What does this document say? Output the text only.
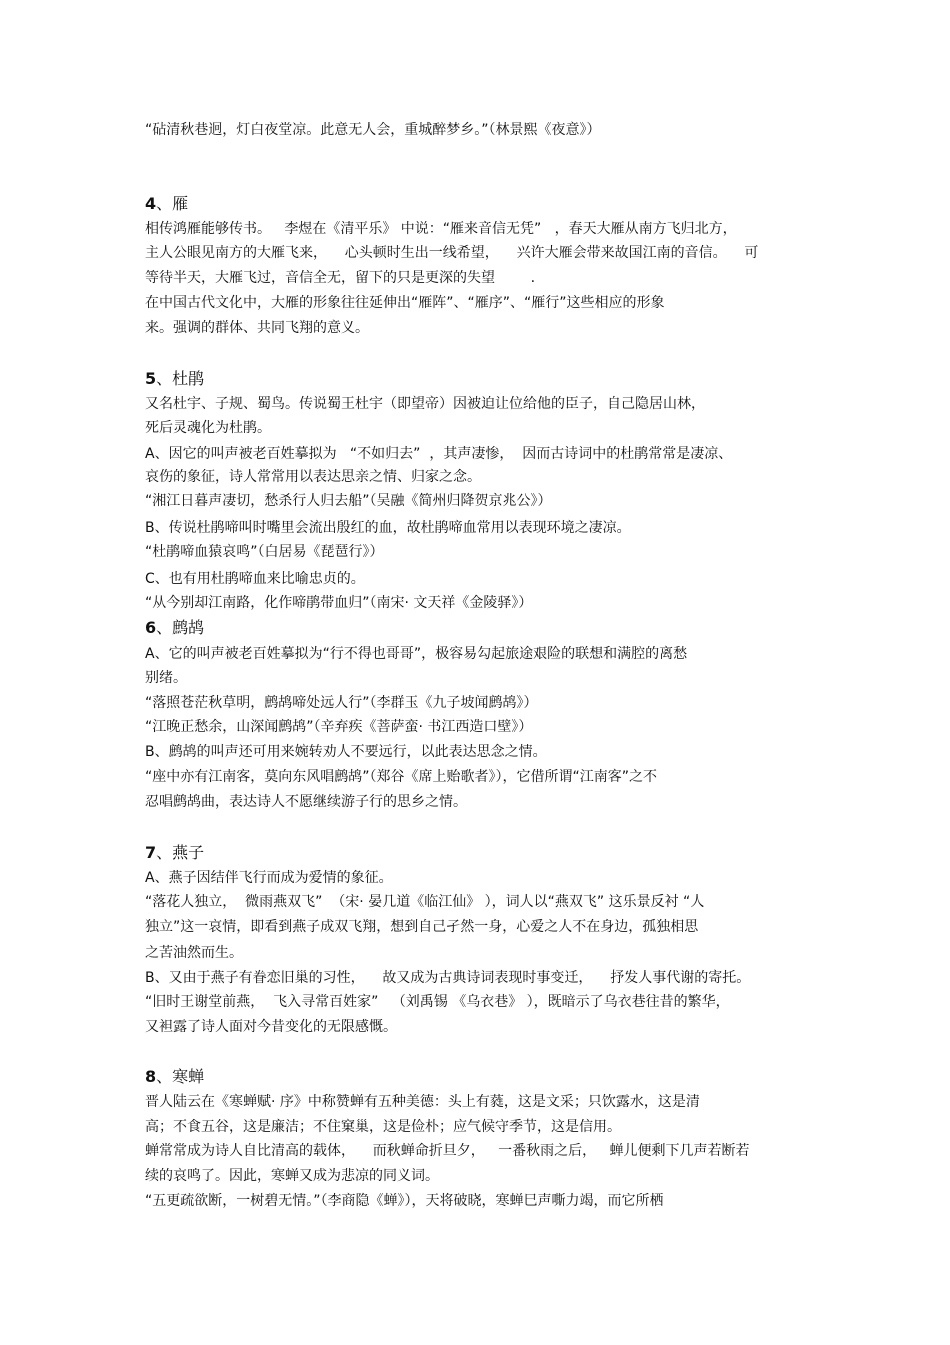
“砧清秋巷迥，灯白夜堂凉。此意无人会，重城醉梦乡。”（林景熙《夜意》）
4、雁
相传鸿雁能够传书。   李煜在《清平乐》 中说：“雁来音信无凭”   ，春天大雁从南方飞归北方，
主人公眼见南方的大雁飞来，    心头顿时生出一线希望，    兴许大雁会带来故国江南的音信。    可
等待半天，大雁飞过，音信全无，留下的只是更深的失望        .
在中国古代文化中，大雁的形象往往延伸出“雁阵”、“雁序”、“雁行”这些相应的形象
来。强调的群体、共同飞翔的意义。
5、杜鹃
又名杜宇、子规、蜀鸟。传说蜀王杜宇（即望帝）因被迫让位给他的臣子，自己隐居山林，
死后灵魂化为杜鹃。
A、因它的叫声被老百姓摹拟为   “不如归去”  ，其声凄惨，  因而古诗词中的杜鹃常常是凄凉、
哀伤的象征，诗人常常用以表达思亲之情、归家之念。
“湘江日暮声凄切，愁杀行人归去船”（吴融《简州归降贺京兆公》）
B、传说杜鹃啼叫时嘴里会流出殷红的血，故杜鹃啼血常用以表现环境之凄凉。
“杜鹃啼血猿哀鸣”（白居易《琵琶行》）
C、也有用杜鹃啼血来比喻忠贞的。
“从今别却江南路，化作啼鹃带血归”（南宋· 文天祥《金陵驿》）
6、鹧鸪
A、它的叫声被老百姓摹拟为“行不得也哥哥”，极容易勾起旅途艰险的联想和满腔的离愁
别绪。
“落照苍茫秋草明，鹧鸪啼处远人行”（李群玉《九子坡闻鹧鸪》）
“江晚正愁余，山深闻鹧鸪”（辛弃疾《菩萨蛮· 书江西造口壁》）
B、鹧鸪的叫声还可用来婉转劝人不要远行，以此表达思念之情。
“座中亦有江南客，莫向东风唱鹧鸪”（郑谷《席上贻歌者》），它借所谓“江南客”之不
忍唱鹧鸪曲，表达诗人不愿继续游子行的思乡之情。
7、燕子
A、燕子因结伴飞行而成为爱情的象征。
“落花人独立，  微雨燕双飞”  （宋· 晏几道《临江仙》 ），词人以“燕双飞” 这乐景反衬 “人
独立”这一哀情，即看到燕子成双飞翔，想到自己孑然一身，心爱之人不在身边，孤独相思
之苦油然而生。
B、又由于燕子有眷恋旧巢的习性，    故又成为古典诗词表现时事变迁，    抒发人事代谢的寄托。
“旧时王谢堂前燕，  飞入寻常百姓家”   （刘禹锡 《乌衣巷》 ），既暗示了乌衣巷往昔的繁华，
又袒露了诗人面对今昔变化的无限感慨。
8、寒蝉
晋人陆云在《寒蝉赋· 序》中称赞蝉有五种美德：头上有蕤，这是文采；只饮露水，这是清
高；不食五谷，这是廉洁；不住窠巢，这是俭朴；应气候守季节，这是信用。
蝉常常成为诗人自比清高的载体，    而秋蝉命折旦夕，   一番秋雨之后，   蝉儿便剩下几声若断若
续的哀鸣了。因此，寒蝉又成为悲凉的同义词。
“五更疏欲断，一树碧无情。”（李商隐《蝉》），天将破晓，寒蝉巳声嘶力竭，而它所栖
